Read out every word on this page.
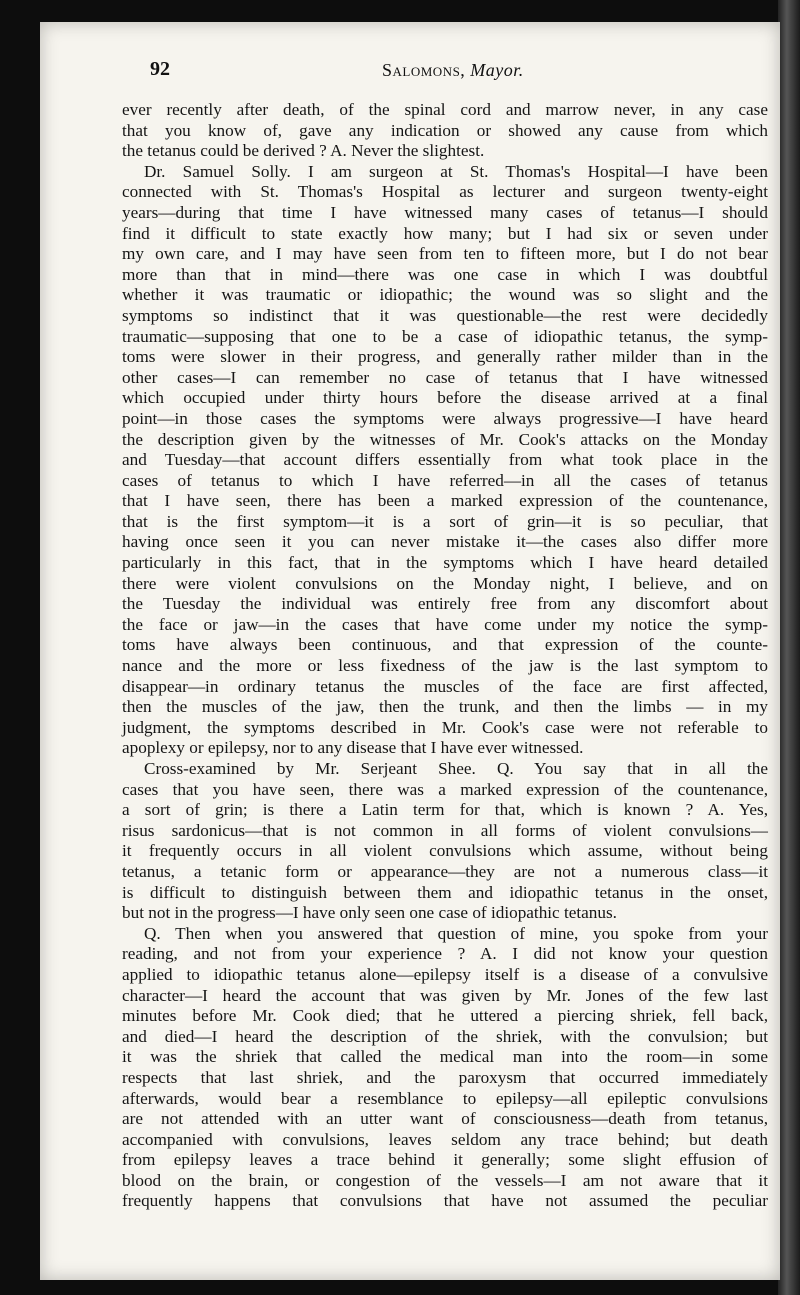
92	Salomons, Mayor.
ever recently after death, of the spinal cord and marrow never, in any case
that you know of, gave any indication or showed any cause from which
the tetanus could be derived ? A. Never the slightest.
Dr. Samuel Solly. I am surgeon at St. Thomas's Hospital—I have been
connected with St. Thomas's Hospital as lecturer and surgeon twenty-eight
years—during that time I have witnessed many cases of tetanus—I should
find it difficult to state exactly how many; but I had six or seven under
my own care, and I may have seen from ten to fifteen more, but I do not bear
more than that in mind—there was one case in which I was doubtful
whether it was traumatic or idiopathic; the wound was so slight and the
symptoms so indistinct that it was questionable—the rest were decidedly
traumatic—supposing that one to be a case of idiopathic tetanus, the symp-
toms were slower in their progress, and generally rather milder than in the
other cases—I can remember no case of tetanus that I have witnessed
which occupied under thirty hours before the disease arrived at a final
point—in those cases the symptoms were always progressive—I have heard
the description given by the witnesses of Mr. Cook's attacks on the Monday
and Tuesday—that account differs essentially from what took place in the
cases of tetanus to which I have referred—in all the cases of tetanus
that I have seen, there has been a marked expression of the countenance,
that is the first symptom—it is a sort of grin—it is so peculiar, that
having once seen it you can never mistake it—the cases also differ more
particularly in this fact, that in the symptoms which I have heard detailed
there were violent convulsions on the Monday night, I believe, and on
the Tuesday the individual was entirely free from any discomfort about
the face or jaw—in the cases that have come under my notice the symp-
toms have always been continuous, and that expression of the counte-
nance and the more or less fixedness of the jaw is the last symptom to
disappear—in ordinary tetanus the muscles of the face are first affected,
then the muscles of the jaw, then the trunk, and then the limbs — in my
judgment, the symptoms described in Mr. Cook's case were not referable to
apoplexy or epilepsy, nor to any disease that I have ever witnessed.
Cross-examined by Mr. Serjeant Shee. Q. You say that in all the
cases that you have seen, there was a marked expression of the countenance,
a sort of grin; is there a Latin term for that, which is known ? A. Yes,
risus sardonicus—that is not common in all forms of violent convulsions—
it frequently occurs in all violent convulsions which assume, without being
tetanus, a tetanic form or appearance—they are not a numerous class—it
is difficult to distinguish between them and idiopathic tetanus in the onset,
but not in the progress—I have only seen one case of idiopathic tetanus.
Q. Then when you answered that question of mine, you spoke from your
reading, and not from your experience ? A. I did not know your question
applied to idiopathic tetanus alone—epilepsy itself is a disease of a convulsive
character—I heard the account that was given by Mr. Jones of the few last
minutes before Mr. Cook died; that he uttered a piercing shriek, fell back,
and died—I heard the description of the shriek, with the convulsion; but
it was the shriek that called the medical man into the room—in some
respects that last shriek, and the paroxysm that occurred immediately
afterwards, would bear a resemblance to epilepsy—all epileptic convulsions
are not attended with an utter want of consciousness—death from tetanus,
accompanied with convulsions, leaves seldom any trace behind; but death
from epilepsy leaves a trace behind it generally; some slight effusion of
blood on the brain, or congestion of the vessels—I am not aware that it
frequently happens that convulsions that have not assumed the peculiar
